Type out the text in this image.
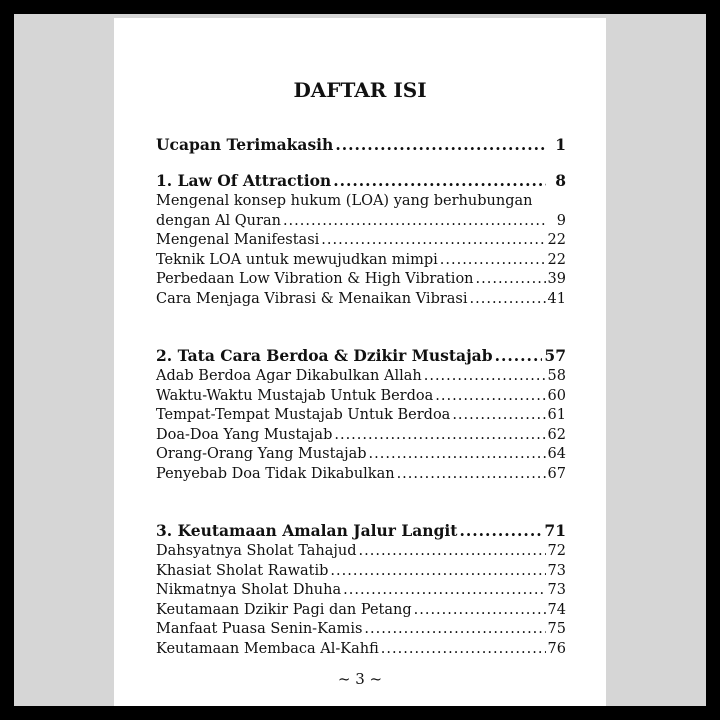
DAFTAR ISI
Ucapan Terimakasih .....	1
1. Law Of Attraction .....	8
Mengenal konsep hukum (LOA) yang berhubungan
dengan Al Quran .....	9
Mengenal Manifestasi .....	22
Teknik LOA untuk mewujudkan mimpi .....	22
Perbedaan Low Vibration & High Vibration .....	39
Cara Menjaga Vibrasi & Menaikan Vibrasi .....	41
2. Tata Cara Berdoa & Dzikir Mustajab .....	57
Adab Berdoa Agar Dikabulkan Allah .....	58
Waktu-Waktu Mustajab Untuk Berdoa .....	60
Tempat-Tempat Mustajab Untuk Berdoa .....	61
Doa-Doa Yang Mustajab .....	62
Orang-Orang Yang Mustajab .....	64
Penyebab Doa Tidak Dikabulkan .....	67
3. Keutamaan Amalan Jalur Langit .....	71
Dahsyatnya Sholat Tahajud .....	72
Khasiat Sholat Rawatib .....	73
Nikmatnya Sholat Dhuha .....	73
Keutamaan Dzikir Pagi dan Petang .....	74
Manfaat Puasa Senin-Kamis .....	75
Keutamaan Membaca Al-Kahfi .....	76
~ 3 ~
